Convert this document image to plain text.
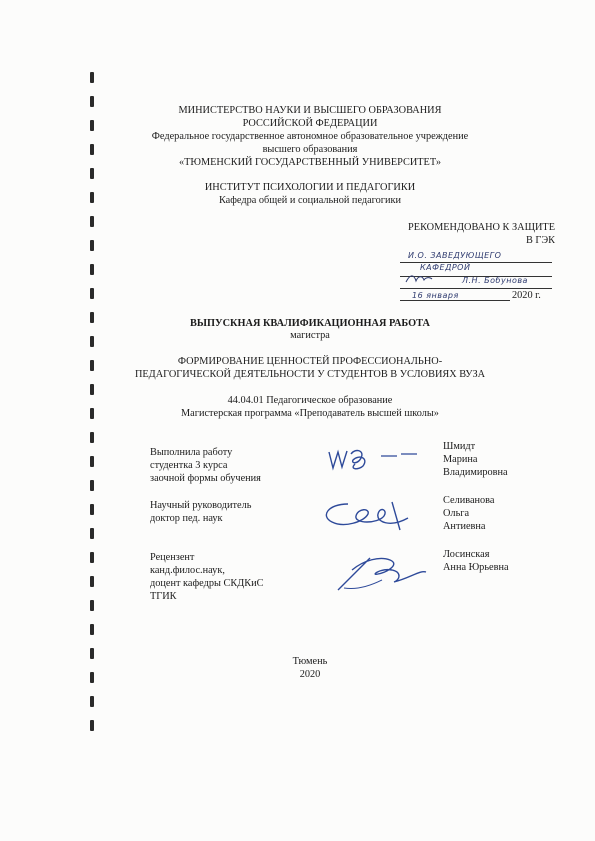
МИНИСТЕРСТВО НАУКИ И ВЫСШЕГО ОБРАЗОВАНИЯ
РОССИЙСКОЙ ФЕДЕРАЦИИ
Федеральное государственное автономное образовательное учреждение
высшего образования
«ТЮМЕНСКИЙ ГОСУДАРСТВЕННЫЙ УНИВЕРСИТЕТ»
ИНСТИТУТ ПСИХОЛОГИИ И ПЕДАГОГИКИ
Кафедра общей и социальной педагогики
РЕКОМЕНДОВАНО К ЗАЩИТЕ
В ГЭК
И.О. ЗАВЕДУЮЩЕГО
КАФЕДРОЙ
Л.Н. Бобунова
16 января	2020 г.
ВЫПУСКНАЯ КВАЛИФИКАЦИОННАЯ РАБОТА
магистра
ФОРМИРОВАНИЕ ЦЕННОСТЕЙ ПРОФЕССИОНАЛЬНО-
ПЕДАГОГИЧЕСКОЙ ДЕЯТЕЛЬНОСТИ У СТУДЕНТОВ В УСЛОВИЯХ ВУЗА
44.04.01 Педагогическое образование
Магистерская программа «Преподаватель высшей школы»
Выполнила работу
студентка 3 курса
заочной формы обучения
Шмидт
Марина
Владимировна
Научный руководитель
доктор пед. наук
Селиванова
Ольга
Антиевна
Рецензент
канд.филос.наук,
доцент кафедры СКДКиС
ТГИК
Лосинская
Анна Юрьевна
Тюмень
2020
